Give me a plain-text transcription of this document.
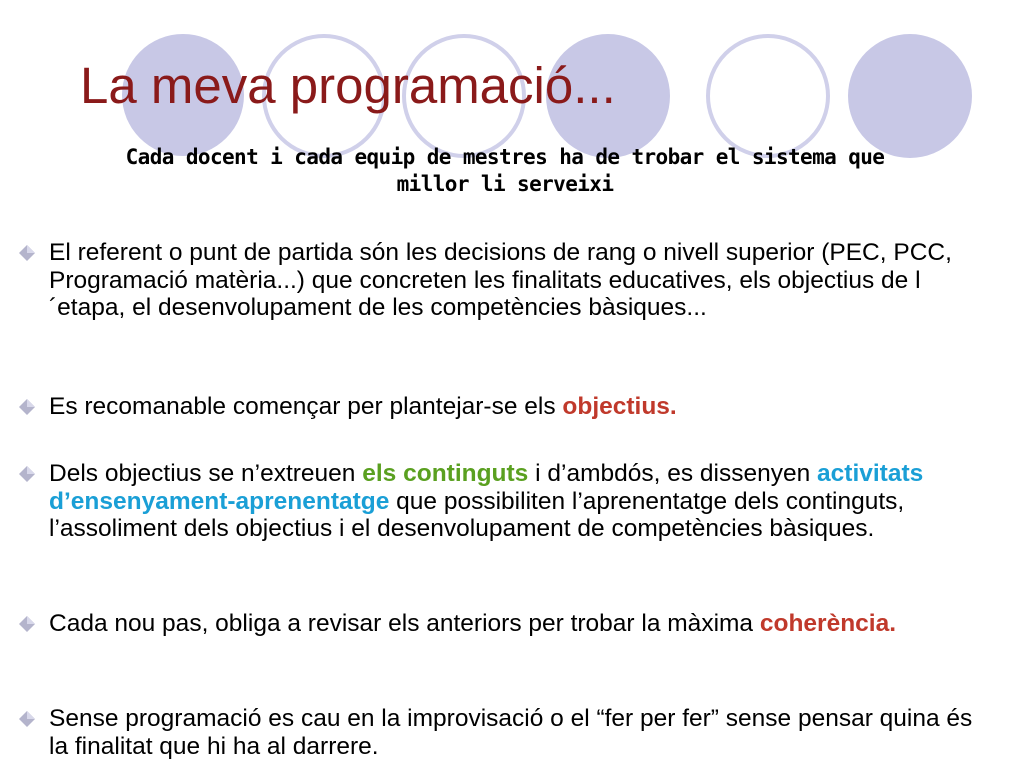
La meva programació...
Cada docent i cada equip de mestres ha de trobar el sistema que
millor li serveixi
El referent o punt de partida són les decisions de rang o nivell superior (PEC, PCC, Programació matèria...) que concreten les finalitats educatives, els objectius de l´etapa, el desenvolupament de les competències bàsiques...
Es recomanable començar per plantejar-se els objectius.
Dels objectius se n’extreuen els continguts i d’ambdós, es dissenyen activitats d’ensenyament-aprenentatge que possibiliten l’aprenentatge dels continguts, l’assoliment dels objectius i el desenvolupament de competències bàsiques.
Cada nou pas, obliga a revisar els anteriors per trobar la màxima coherència.
Sense programació es cau en la improvisació o el “fer per fer” sense pensar quina és la finalitat que hi ha al darrere.
